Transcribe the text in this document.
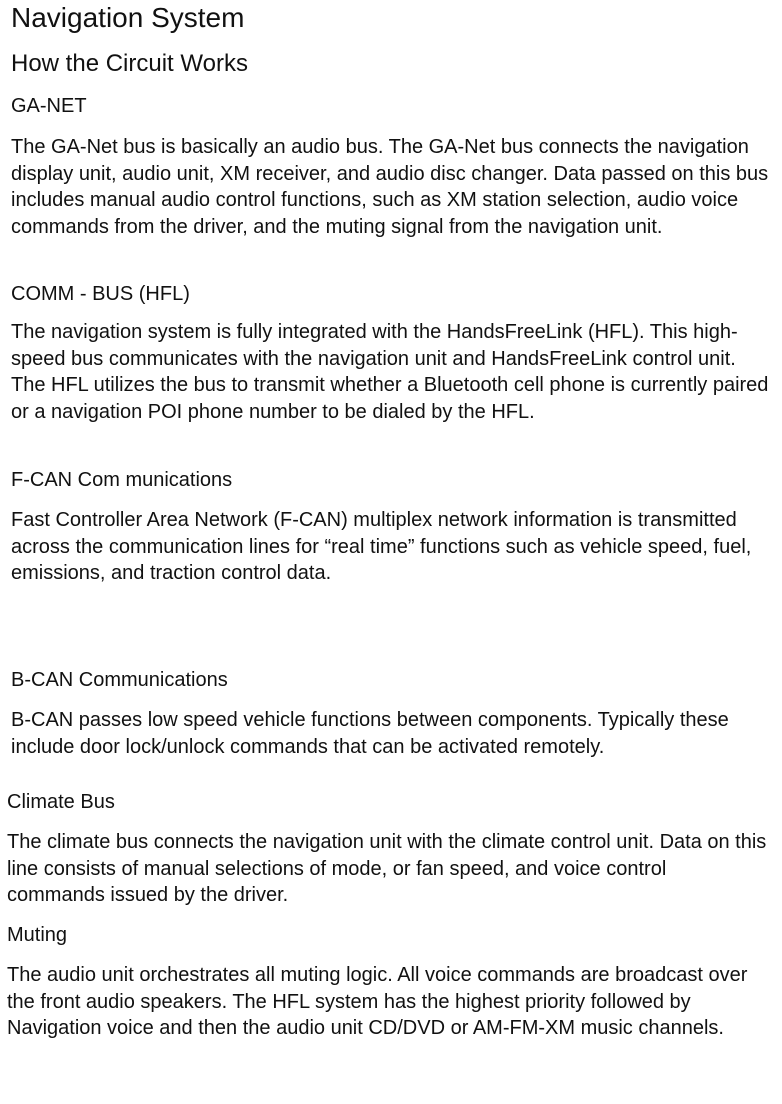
Navigation System
How the Circuit Works
GA-NET

The GA-Net bus is basically an audio bus. The GA-Net bus connects the navigation display unit, audio unit, XM receiver, and audio disc changer. Data passed on this bus includes manual audio control functions, such as XM station selection, audio voice commands from the driver, and the muting signal from the navigation unit.

COMM - BUS (HFL)

The navigation system is fully integrated with the HandsFreeLink (HFL). This high-speed bus communicates with the navigation unit and HandsFreeLink control unit. The HFL utilizes the bus to transmit whether a Bluetooth cell phone is currently paired or a navigation POI phone number to be dialed by the HFL.

F-CAN Com munications

Fast Controller Area Network (F-CAN) multiplex network information is transmitted across the communication lines for “real time” functions such as vehicle speed, fuel, emissions, and traction control data.

B-CAN Communications

B-CAN passes low speed vehicle functions between components. Typically these include door lock/unlock commands that can be activated remotely.

Climate Bus

The climate bus connects the navigation unit with the climate control unit. Data on this line consists of manual selections of mode, or fan speed, and voice control commands issued by the driver.

Muting

The audio unit orchestrates all muting logic. All voice commands are broadcast over the front audio speakers. The HFL system has the highest priority followed by Navigation voice and then the audio unit CD/DVD or AM-FM-XM music channels.
